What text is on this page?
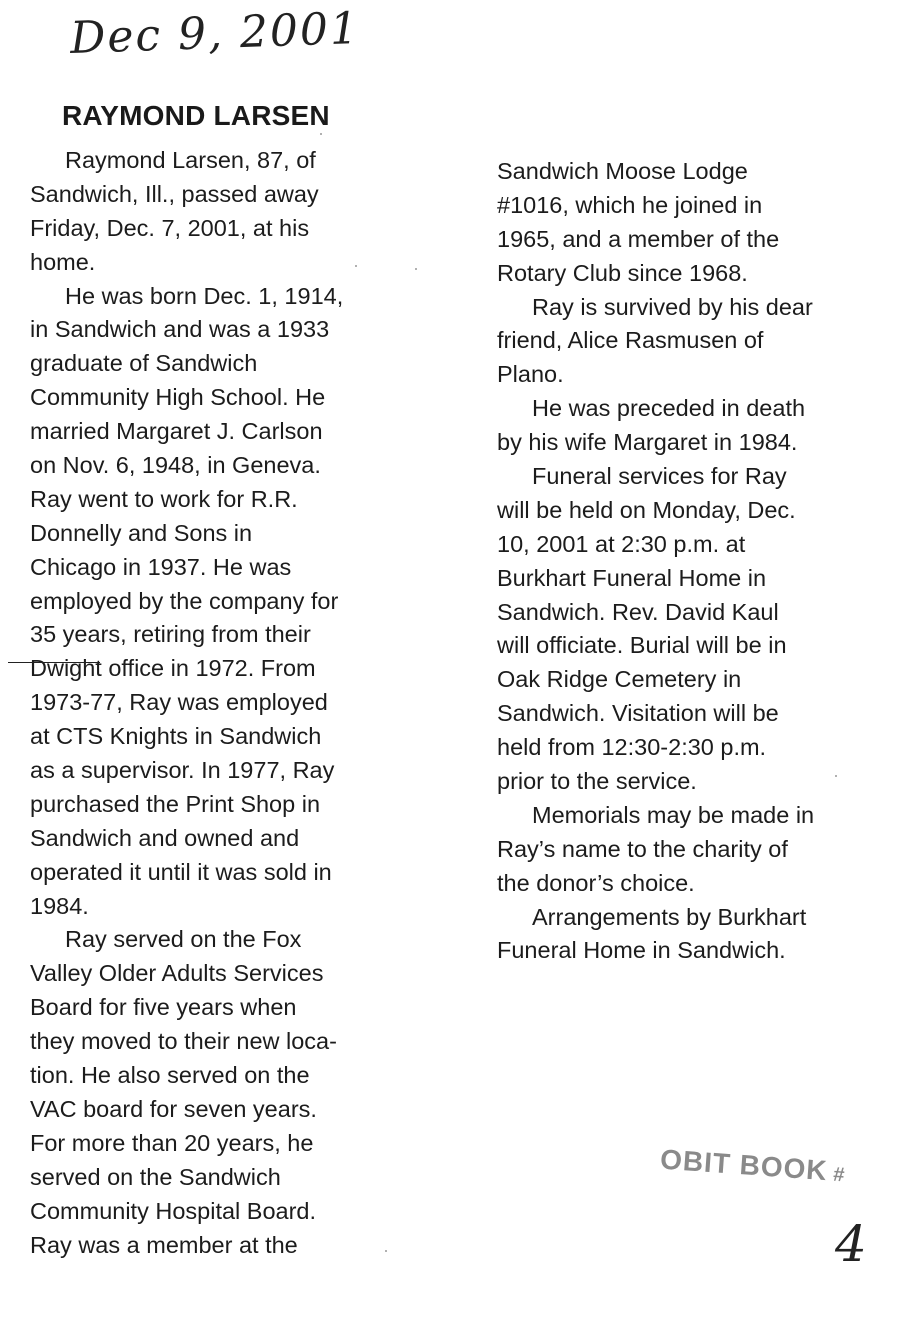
Dec 9, 2001
RAYMOND LARSEN
Raymond Larsen, 87, of
Sandwich, Ill., passed away
Friday, Dec. 7, 2001, at his
home.
He was born Dec. 1, 1914,
in Sandwich and was a 1933
graduate of Sandwich
Community High School. He
married Margaret J. Carlson
on Nov. 6, 1948, in Geneva.
Ray went to work for R.R.
Donnelly and Sons in
Chicago in 1937. He was
employed by the company for
35 years, retiring from their
Dwight office in 1972. From
1973-77, Ray was employed
at CTS Knights in Sandwich
as a supervisor. In 1977, Ray
purchased the Print Shop in
Sandwich and owned and
operated it until it was sold in
1984.
Ray served on the Fox
Valley Older Adults Services
Board for five years when
they moved to their new loca-
tion. He also served on the
VAC board for seven years.
For more than 20 years, he
served on the Sandwich
Community Hospital Board.
Ray was a member at the
Sandwich Moose Lodge
#1016, which he joined in
1965, and a member of the
Rotary Club since 1968.
Ray is survived by his dear
friend, Alice Rasmusen of
Plano.
He was preceded in death
by his wife Margaret in 1984.
Funeral services for Ray
will be held on Monday, Dec.
10, 2001 at 2:30 p.m. at
Burkhart Funeral Home in
Sandwich. Rev. David Kaul
will officiate. Burial will be in
Oak Ridge Cemetery in
Sandwich. Visitation will be
held from 12:30-2:30 p.m.
prior to the service.
Memorials may be made in
Ray’s name to the charity of
the donor’s choice.
Arrangements by Burkhart
Funeral Home in Sandwich.
OBIT BOOK #
4
